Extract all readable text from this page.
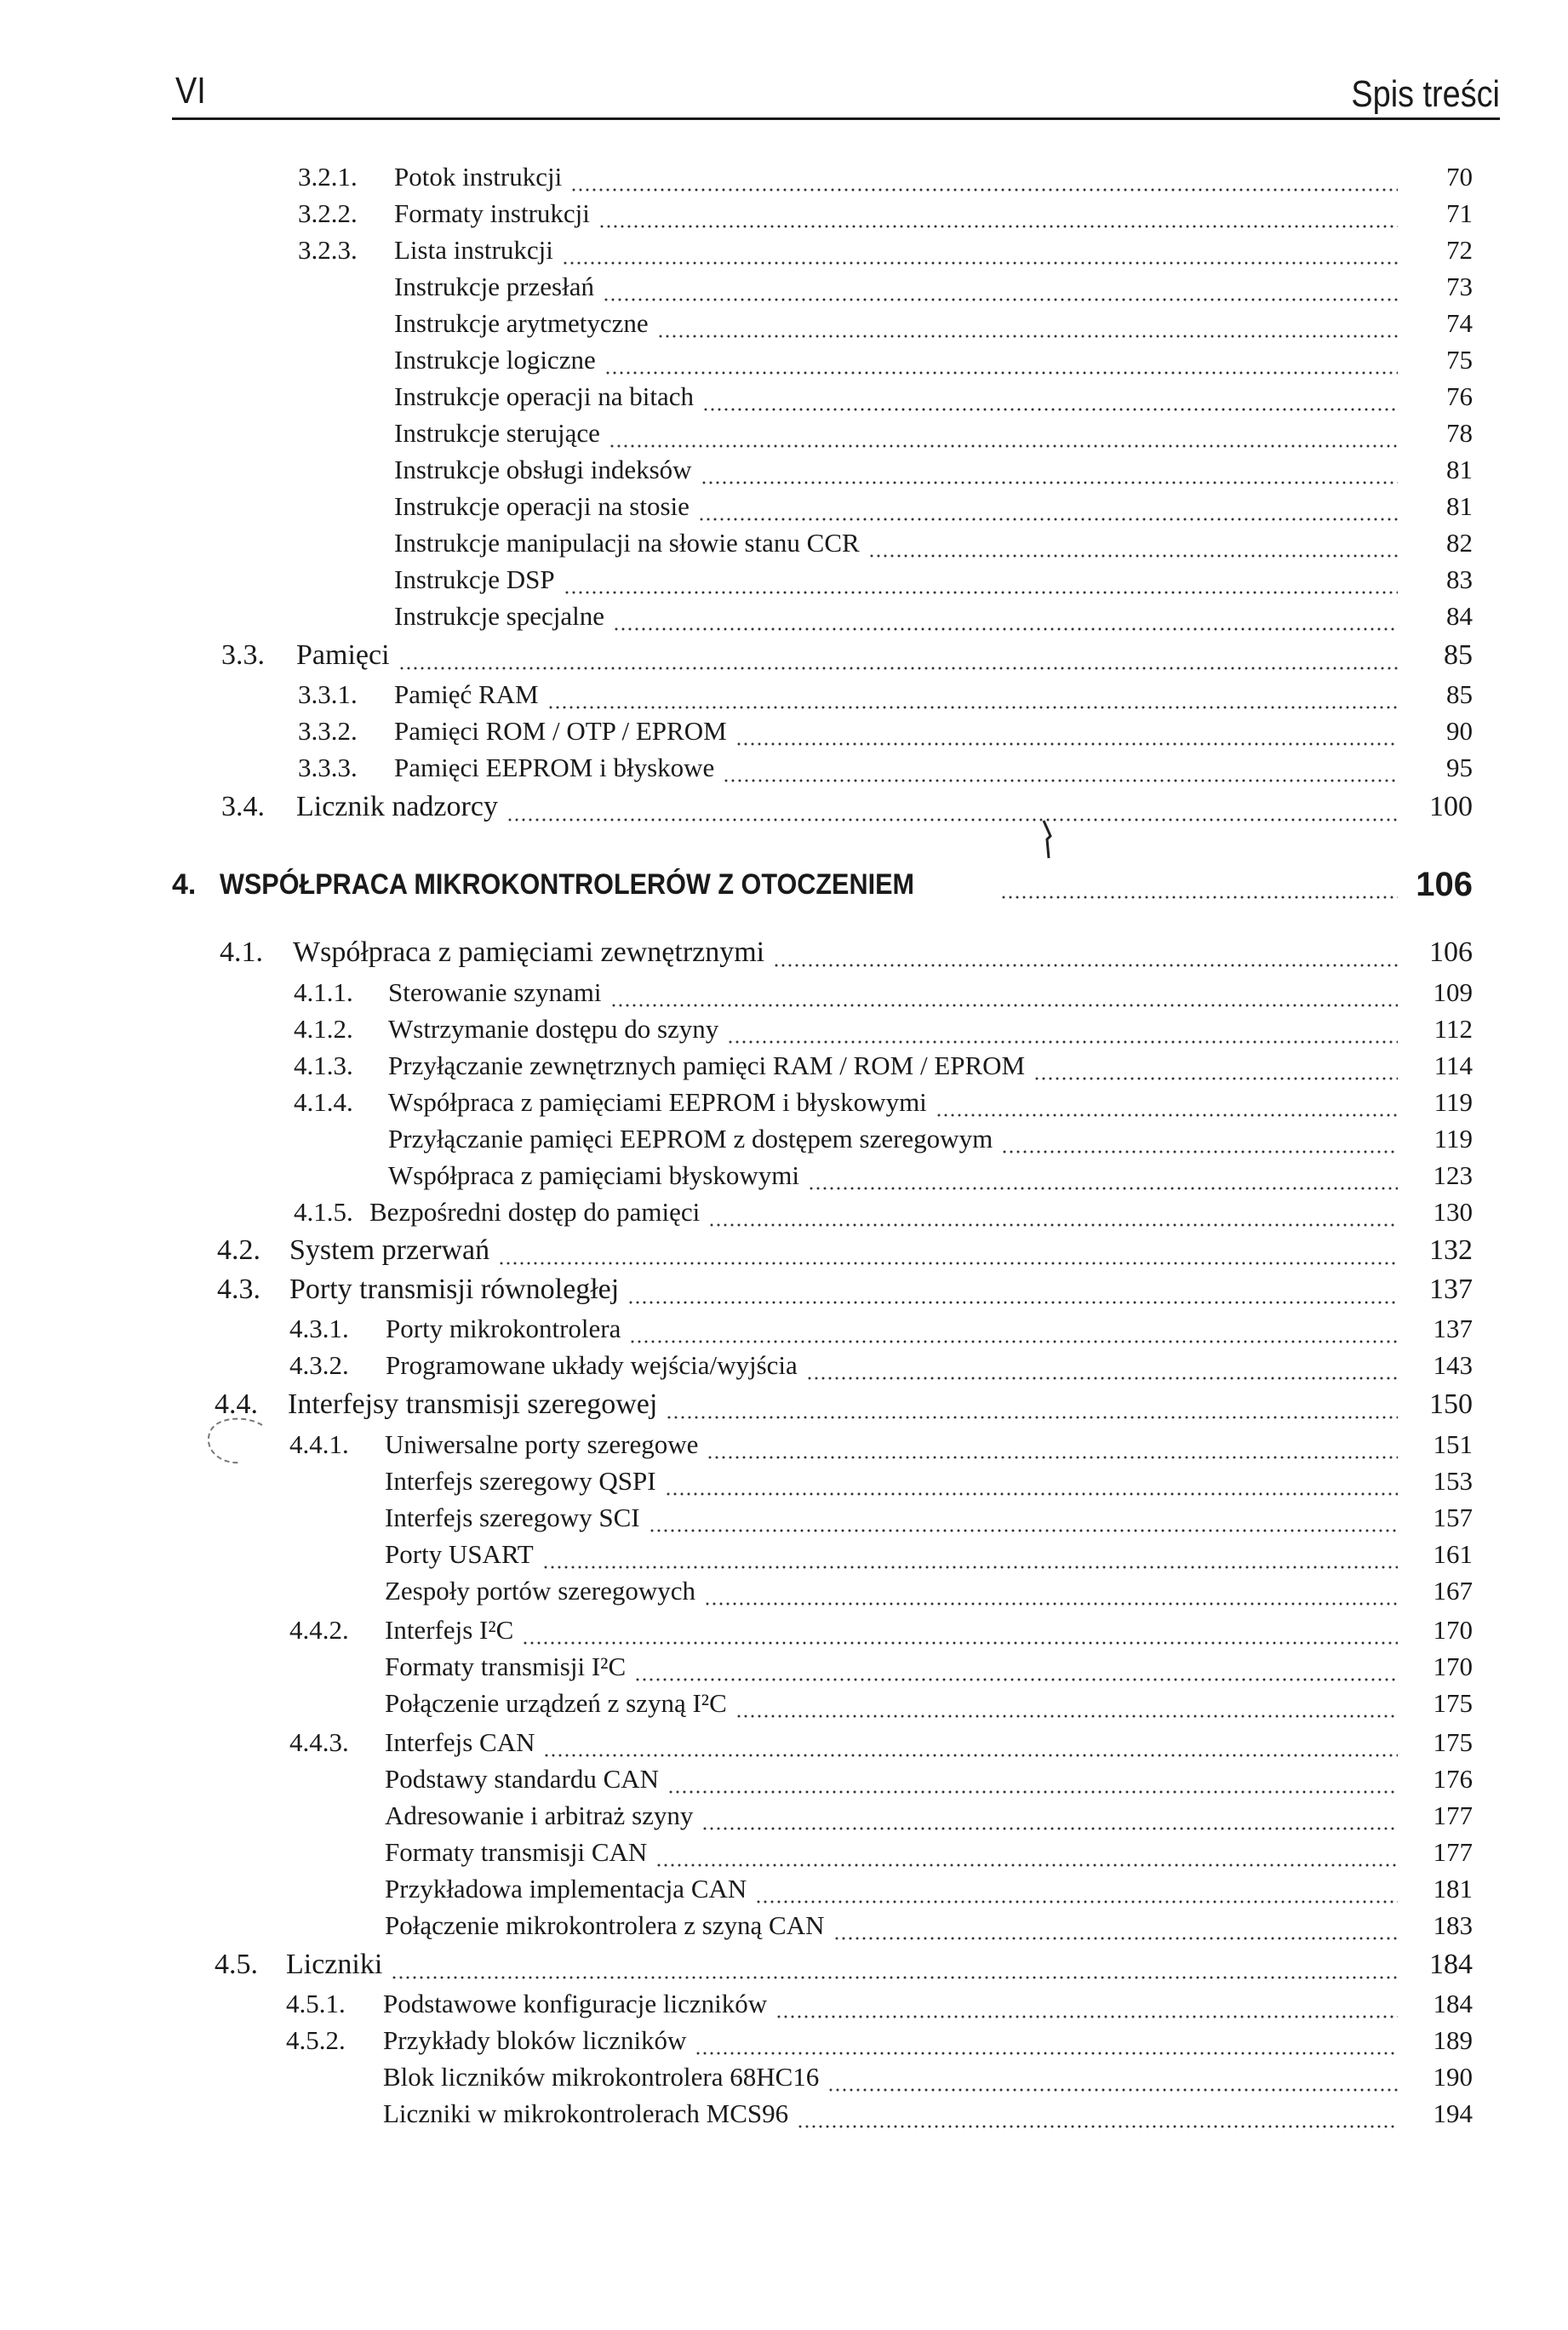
VI	Spis treści
3.2.1. Potok instrukcji	70
3.2.2. Formaty instrukcji	71
3.2.3. Lista instrukcji	72
Instrukcje przesłań	73
Instrukcje arytmetyczne	74
Instrukcje logiczne	75
Instrukcje operacji na bitach	76
Instrukcje sterujące	78
Instrukcje obsługi indeksów	81
Instrukcje operacji na stosie	81
Instrukcje manipulacji na słowie stanu CCR	82
Instrukcje DSP	83
Instrukcje specjalne	84
3.3. Pamięci	85
3.3.1. Pamięć RAM	85
3.3.2. Pamięci ROM / OTP / EPROM	90
3.3.3. Pamięci EEPROM i błyskowe	95
3.4. Licznik nadzorcy	100
4. WSPÓŁPRACA MIKROKONTROLERÓW Z OTOCZENIEM	106
4.1. Współpraca z pamięciami zewnętrznymi	106
4.1.1. Sterowanie szynami	109
4.1.2. Wstrzymanie dostępu do szyny	112
4.1.3. Przyłączanie zewnętrznych pamięci RAM / ROM / EPROM	114
4.1.4. Współpraca z pamięciami EEPROM i błyskowymi	119
Przyłączanie pamięci EEPROM z dostępem szeregowym	119
Współpraca z pamięciami błyskowymi	123
4.1.5. Bezpośredni dostęp do pamięci	130
4.2. System przerwań	132
4.3. Porty transmisji równoległej	137
4.3.1. Porty mikrokontrolera	137
4.3.2. Programowane układy wejścia/wyjścia	143
4.4. Interfejsy transmisji szeregowej	150
4.4.1. Uniwersalne porty szeregowe	151
Interfejs szeregowy QSPI	153
Interfejs szeregowy SCI	157
Porty USART	161
Zespoły portów szeregowych	167
4.4.2. Interfejs I²C	170
Formaty transmisji I²C	170
Połączenie urządzeń z szyną I²C	175
4.4.3. Interfejs CAN	175
Podstawy standardu CAN	176
Adresowanie i arbitraż szyny	177
Formaty transmisji CAN	177
Przykładowa implementacja CAN	181
Połączenie mikrokontrolera z szyną CAN	183
4.5. Liczniki	184
4.5.1. Podstawowe konfiguracje liczników	184
4.5.2. Przykłady bloków liczników	189
Blok liczników mikrokontrolera 68HC16	190
Liczniki w mikrokontrolerach MCS96	194
